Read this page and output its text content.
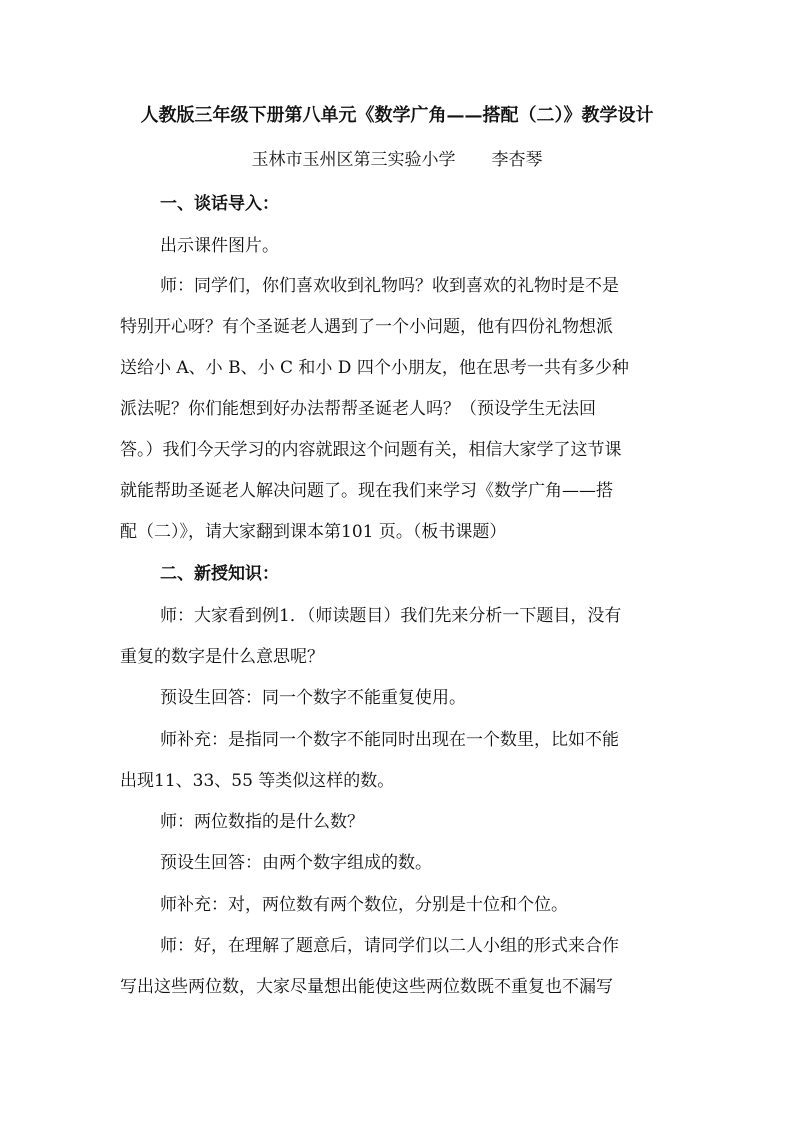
人教版三年级下册第八单元《数学广角——搭配（二）》教学设计
玉林市玉州区第三实验小学 李杏琴
一、谈话导入：
出示课件图片。
师：同学们，你们喜欢收到礼物吗？收到喜欢的礼物时是不是
特别开心呀？有个圣诞老人遇到了一个小问题，他有四份礼物想派
送给小 A、小 B、小 C 和小 D 四个小朋友，他在思考一共有多少种
派法呢？你们能想到好办法帮帮圣诞老人吗？（预设学生无法回
答。）我们今天学习的内容就跟这个问题有关，相信大家学了这节课
就能帮助圣诞老人解决问题了。现在我们来学习《数学广角——搭
配（二）》，请大家翻到课本第101 页。（板书课题）
二、新授知识：
师：大家看到例1．（师读题目）我们先来分析一下题目，没有
重复的数字是什么意思呢？
预设生回答：同一个数字不能重复使用。
师补充：是指同一个数字不能同时出现在一个数里，比如不能
出现11、33、55 等类似这样的数。
师：两位数指的是什么数？
预设生回答：由两个数字组成的数。
师补充：对，两位数有两个数位，分别是十位和个位。
师：好，在理解了题意后，请同学们以二人小组的形式来合作
写出这些两位数，大家尽量想出能使这些两位数既不重复也不漏写
